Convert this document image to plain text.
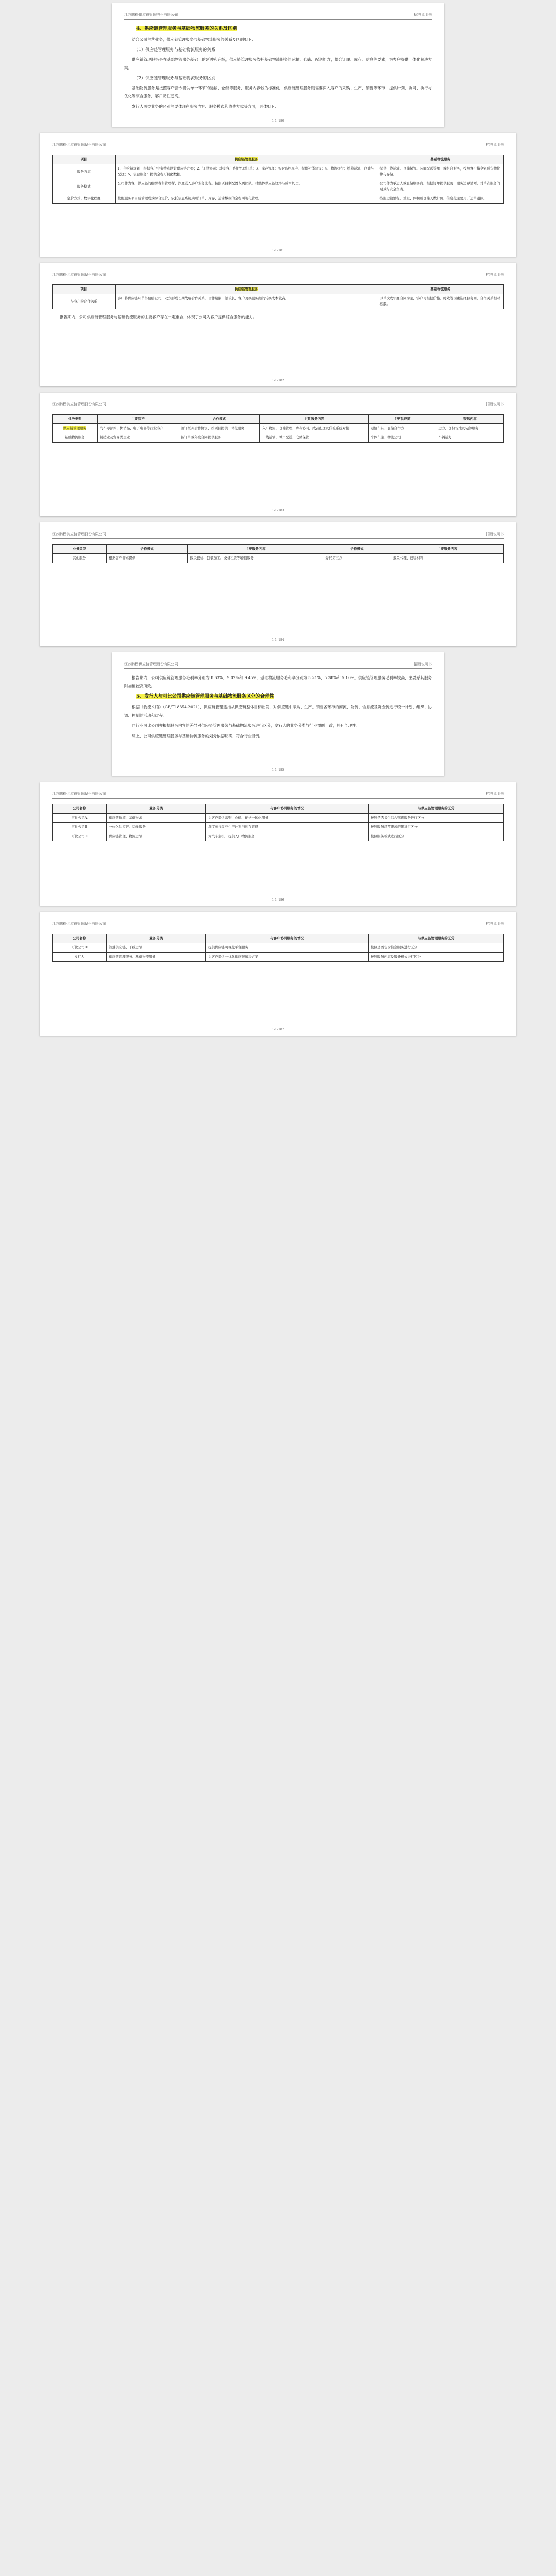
江苏鹏程供应链管理股份有限公司	招股说明书
4、供应链管理服务与基础物流服务的关系及区别

结合公司主营业务，供应链管理服务与基础物流服务的关系及区别如下：

（1）供应链管理服务与基础物流服务的关系

供应链管理服务是在基础物流服务基础上的延伸和升级，供应链管理服务依托基础物流服务的运输、仓储、配送能力，整合订单、库存、信息等要素，为客户提供一体化解决方案。

（2）供应链管理服务与基础物流服务的区别

基础物流服务是按照客户指令提供单一环节的运输、仓储等服务，服务内容较为标准化；供应链管理服务则需要深入客户的采购、生产、销售等环节，提供计划、协同、执行与优化等综合服务，客户黏性更高。

发行人两类业务的区别主要体现在服务内容、服务模式和收费方式等方面，具体如下：

1-1-180
江苏鹏程供应链管理股份有限公司	招股说明书
项目	供应链管理服务	基础物流服务
服务内容	1、供应链规划：根据客户业务特点设计供应链方案；2、订单协同：对接客户系统处理订单；3、库存管理：实时监控库存、提供补货建议；4、物流执行：统筹运输、仓储与配送；5、信息服务：提供全程可视化数据。	提供干线运输、仓储保管、装卸配送等单一或组合服务，按照客户指令完成货物位移与存储。
服务模式	公司作为客户供应链的组织者和管理者，深度嵌入客户业务流程，按照项目制配置专属团队，对整体供应链效率与成本负责。	公司作为承运人或仓储服务商，根据订单提供服务，服务边界清晰，对单次服务的时效与安全负责。
定价方式、数字化程度	按照服务项目及管理成效综合定价，依托信息系统实现订单、库存、运输数据的全程可视化管理。	按照运输里程、重量、体积或仓储天数计价，信息化主要用于运单跟踪。
1-1-181
江苏鹏程供应链管理股份有限公司	招股说明书
项目	供应链管理服务	基础物流服务
与客户的合作关系	客户将供应链环节外包给公司，双方形成长期战略合作关系，合作期限一般较长，客户更换服务商的转换成本较高。	以单次或年度合同为主，客户可根据价格、时效等因素选择服务商，合作关系相对松散。

报告期内，公司供应链管理服务与基础物流服务的主要客户存在一定重合，体现了公司为客户提供综合服务的能力。

1-1-182
江苏鹏程供应链管理股份有限公司	招股说明书
业务类型	主要客户	合作模式	主要服务内容	主要供应商	采购内容
供应链管理服务	汽车零部件、快消品、电子电器等行业客户	签订框架合作协议，按项目提供一体化服务	入厂物流、仓储管理、库存协同、成品配送及信息系统对接	运输车队、仓储合作方	运力、仓储场地及装卸服务
基础物流服务	制造业及贸易类企业	按订单或年度合同提供服务	干线运输、城市配送、仓储保管	个体车主、物流公司	车辆运力
1-1-183
江苏鹏程供应链管理股份有限公司	招股说明书
业务类型	合作模式	主要服务内容	合作模式	主要服务内容
其他服务	根据客户需求提供	报关报检、包装加工、设备租赁等增值服务	委托第三方	报关代理、包装材料
1-1-184
江苏鹏程供应链管理股份有限公司	招股说明书

报告期内，公司供应链管理服务毛利率分别为 8.63%、9.02%和 9.45%，基础物流服务毛利率分别为 5.21%、5.38%和 5.10%。供应链管理服务毛利率较高，主要系其服务附加值较高所致。

5、发行人与可比公司供应链管理服务与基础物流服务区分的合理性

根据《物流术语》（GB/T18354-2021），供应链管理是指从供应链整体目标出发，对供应链中采购、生产、销售各环节的商流、物流、信息流及资金流进行统一计划、组织、协调、控制的活动和过程。

同行业可比公司亦根据服务内容的差异对供应链管理服务与基础物流服务进行区分，发行人的业务分类与行业惯例一致，具有合理性。

综上，公司供应链管理服务与基础物流服务的划分依据明确，符合行业惯例。

1-1-185
江苏鹏程供应链管理股份有限公司	招股说明书
公司名称	业务分类	与客户协同服务的情况	与供应链管理服务的区分
可比公司A	供应链物流、基础物流	为客户提供采购、仓储、配送一体化服务	按照是否提供综合管理服务进行区分
可比公司B	一体化供应链、运输服务	深度参与客户生产计划与库存管理	按照服务环节覆盖范围进行区分
可比公司C	供应链管理、物流运输	为汽车主机厂提供入厂物流服务	按照服务模式进行区分
1-1-186
江苏鹏程供应链管理股份有限公司	招股说明书
公司名称	业务分类	与客户协同服务的情况	与供应链管理服务的区分
可比公司D	智慧供应链、干线运输	提供供应链可视化平台服务	按照是否包含信息服务进行区分
发行人	供应链管理服务、基础物流服务	为客户提供一体化供应链解决方案	按照服务内容及服务模式进行区分
1-1-187
